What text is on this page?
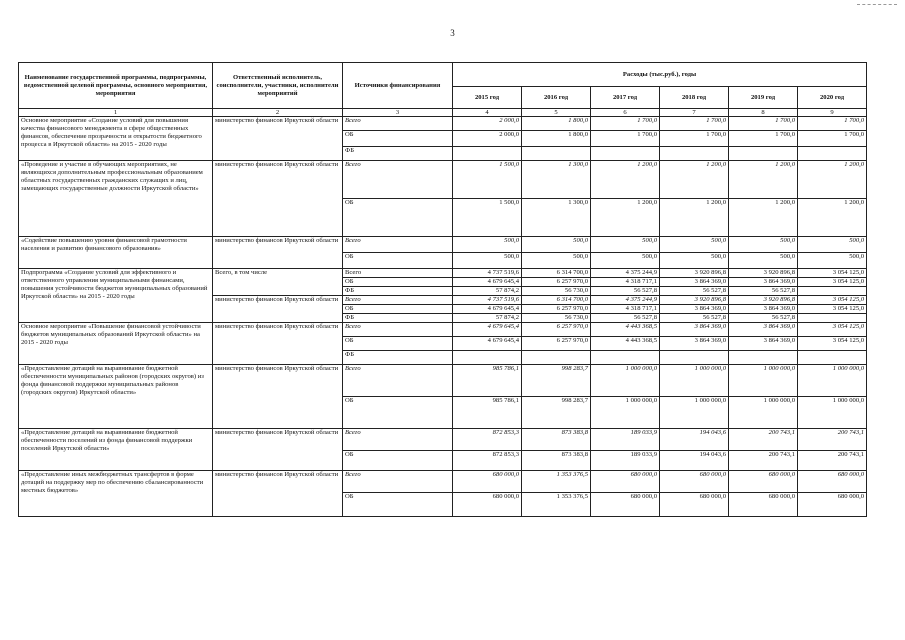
3
Наименование государственной программы, подпрограммы, ведомственной целевой программы, основного мероприятия, мероприятия	Ответственный исполнитель, соисполнители, участники, исполнители мероприятий	Источники финансирования	Расходы (тыс.руб.), годы					
			2015 год	2016 год	2017 год	2018 год	2019 год	2020 год
1	2	3	4	5	6	7	8	9
Основное мероприятие «Создание условий для повышения качества финансового менеджмента в сфере общественных финансов, обеспечение прозрачности и открытости бюджетного процесса в Иркутской области» на 2015 - 2020 годы	министерство финансов Иркутской области	Всего	2 000,0	1 800,0	1 700,0	1 700,0	1 700,0	1 700,0
		ОБ	2 000,0	1 800,0	1 700,0	1 700,0	1 700,0	1 700,0
		ФБ						
«Проведение и участие в обучающих мероприятиях, не являющихся дополнительным профессиональным образованием областных государственных гражданских служащих и лиц, замещающих государственные должности Иркутской области»	министерство финансов Иркутской области	Всего	1 500,0	1 300,0	1 200,0	1 200,0	1 200,0	1 200,0
		ОБ	1 500,0	1 300,0	1 200,0	1 200,0	1 200,0	1 200,0
«Содействие повышению уровня финансовой грамотности населения и развитию финансового образования»	министерство финансов Иркутской области	Всего	500,0	500,0	500,0	500,0	500,0	500,0
		ОБ	500,0	500,0	500,0	500,0	500,0	500,0
Подпрограмма «Создание условий для эффективного и ответственного управления муниципальными финансами, повышения устойчивости бюджетов муниципальных образований Иркутской области» на 2015 - 2020 годы	Всего, в том числе	Всего	4 737 519,6	6 314 700,0	4 375 244,9	3 920 896,8	3 920 896,8	3 054 125,0
		ОБ	4 679 645,4	6 257 970,0	4 318 717,1	3 864 369,0	3 864 369,0	3 054 125,0
		ФБ	57 874,2	56 730,0	56 527,8	56 527,8	56 527,8	
	министерство финансов Иркутской области	Всего	4 737 519,6	6 314 700,0	4 375 244,9	3 920 896,8	3 920 896,8	3 054 125,0
		ОБ	4 679 645,4	6 257 970,0	4 318 717,1	3 864 369,0	3 864 369,0	3 054 125,0
		ФБ	57 874,2	56 730,0	56 527,8	56 527,8	56 527,8	
Основное мероприятие «Повышение финансовой устойчивости бюджетов муниципальных образований Иркутской области» на 2015 - 2020 годы	министерство финансов Иркутской области	Всего	4 679 645,4	6 257 970,0	4 443 368,5	3 864 369,0	3 864 369,0	3 054 125,0
		ОБ	4 679 645,4	6 257 970,0	4 443 368,5	3 864 369,0	3 864 369,0	3 054 125,0
		ФБ						
«Предоставление дотаций на выравнивание бюджетной обеспеченности муниципальных районов (городских округов) из фонда финансовой поддержки муниципальных районов (городских округов) Иркутской области»	министерство финансов Иркутской области	Всего	985 786,1	998 283,7	1 000 000,0	1 000 000,0	1 000 000,0	1 000 000,0
		ОБ	985 786,1	998 283,7	1 000 000,0	1 000 000,0	1 000 000,0	1 000 000,0
«Предоставление дотаций на выравнивание бюджетной обеспеченности поселений из фонда финансовой поддержки поселений Иркутской области»	министерство финансов Иркутской области	Всего	872 853,3	873 383,8	189 033,9	194 043,6	200 743,1	200 743,1
		ОБ	872 853,3	873 383,8	189 033,9	194 043,6	200 743,1	200 743,1
«Предоставление иных межбюджетных трансфертов в форме дотаций на поддержку мер по обеспечению сбалансированности местных бюджетов»	министерство финансов Иркутской области	Всего	680 000,0	1 353 376,5	680 000,0	680 000,0	680 000,0	680 000,0
		ОБ	680 000,0	1 353 376,5	680 000,0	680 000,0	680 000,0	680 000,0
